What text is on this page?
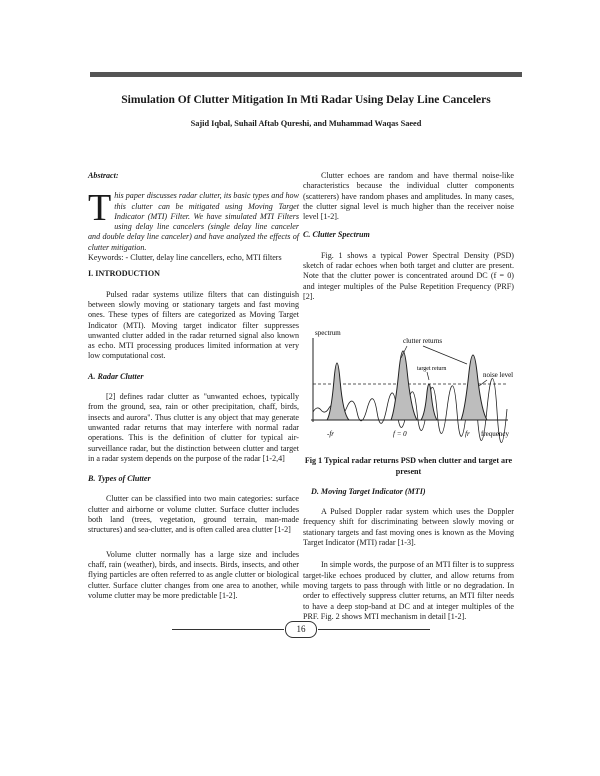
Simulation Of Clutter Mitigation In Mti Radar Using Delay Line Cancelers
Sajid Iqbal, Suhail Aftab Qureshi, and Muhammad Waqas Saeed

Abstract:

This paper discusses radar clutter, its basic types and how this clutter can be mitigated using Moving Target Indicator (MTI) Filter. We have simulated MTI Filters using delay line cancelers (single delay line canceler and double delay line canceler) and have analyzed the effects of clutter mitigation.

Keywords: - Clutter, delay line cancellers, echo, MTI filters

I. INTRODUCTION

Pulsed radar systems utilize filters that can distinguish between slowly moving or stationary targets and fast moving ones. These types of filters are categorized as Moving Target Indicator (MTI). Moving target indicator filter suppresses unwanted clutter added in the radar returned signal also known as echo. MTI processing produces limited information at very low computational cost.

A. Radar Clutter

[2] defines radar clutter as "unwanted echoes, typically from the ground, sea, rain or other precipitation, chaff, birds, insects and aurora". Thus clutter is any object that may generate unwanted radar returns that may interfere with normal radar operations. This is the definition of clutter for typical air-surveillance radar, but the distinction between clutter and target in a radar system depends on the purpose of the radar [1-2,4]

B. Types of Clutter

Clutter can be classified into two main categories: surface clutter and airborne or volume clutter. Surface clutter includes both land (trees, vegetation, ground terrain, man-made structures) and sea-clutter, and is often called area clutter [1-2]

Volume clutter normally has a large size and includes chaff, rain (weather), birds, and insects. Birds, insects, and other flying particles are often referred to as angle clutter or biological clutter. Surface clutter changes from one area to another, while volume clutter may be more predictable [1-2].

Clutter echoes are random and have thermal noise-like characteristics because the individual clutter components (scatterers) have random phases and amplitudes. In many cases, the clutter signal level is much higher than the receiver noise level [1-2].

C. Clutter Spectrum

Fig. 1 shows a typical Power Spectral Density (PSD) sketch of radar echoes when both target and clutter are present. Note that the clutter power is concentrated around DC (f = 0) and integer multiples of the Pulse Repetition Frequency (PRF) [2].

spectrum
clutter returns
target return
noise level
-fr	f = 0	fr frequency

Fig 1 Typical radar returns PSD when clutter and target are present

D. Moving Target Indicator (MTI)

A Pulsed Doppler radar system which uses the Doppler frequency shift for discriminating between slowly moving or stationary targets and fast moving ones is known as the Moving Target Indicator (MTI) radar [1-3].

In simple words, the purpose of an MTI filter is to suppress target-like echoes produced by clutter, and allow returns from moving targets to pass through with little or no degradation. In order to effectively suppress clutter returns, an MTI filter needs to have a deep stop-band at DC and at integer multiples of the PRF. Fig. 2 shows MTI mechanism in detail [1-2].

16
